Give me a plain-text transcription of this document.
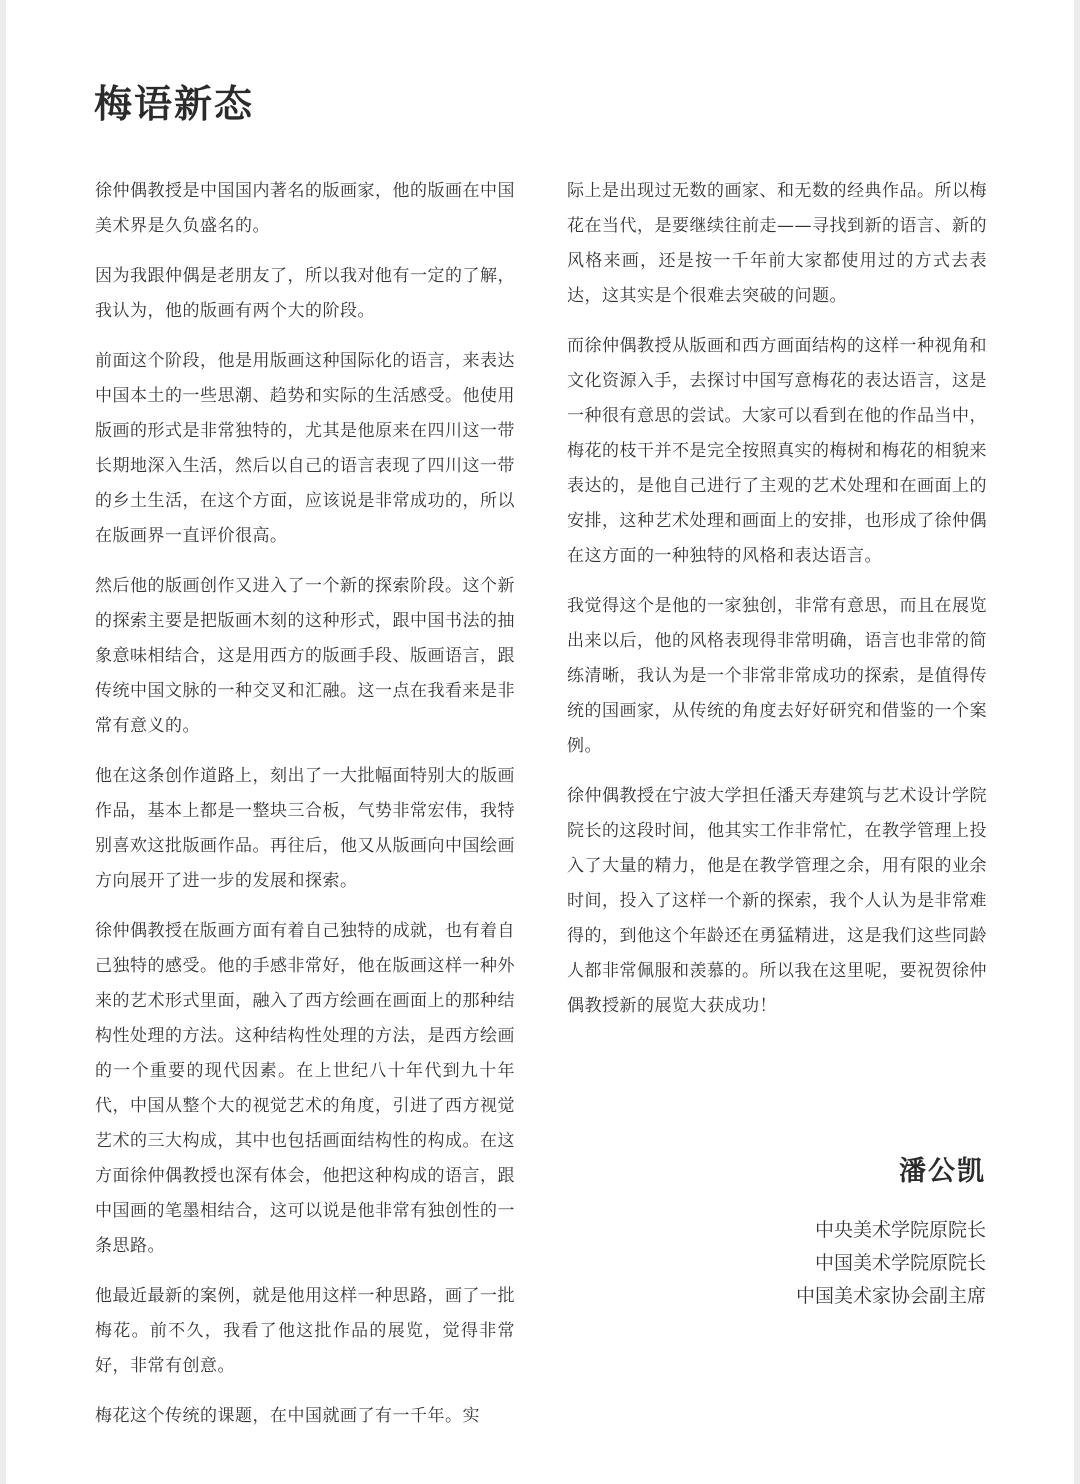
梅语新态

徐仲偶教授是中国国内著名的版画家，他的版画在中国美术界是久负盛名的。

因为我跟仲偶是老朋友了，所以我对他有一定的了解，我认为，他的版画有两个大的阶段。

前面这个阶段，他是用版画这种国际化的语言，来表达中国本土的一些思潮、趋势和实际的生活感受。他使用版画的形式是非常独特的，尤其是他原来在四川这一带长期地深入生活，然后以自己的语言表现了四川这一带的乡土生活，在这个方面，应该说是非常成功的，所以在版画界一直评价很高。

然后他的版画创作又进入了一个新的探索阶段。这个新的探索主要是把版画木刻的这种形式，跟中国书法的抽象意味相结合，这是用西方的版画手段、版画语言，跟传统中国文脉的一种交叉和汇融。这一点在我看来是非常有意义的。

他在这条创作道路上，刻出了一大批幅面特别大的版画作品，基本上都是一整块三合板，气势非常宏伟，我特别喜欢这批版画作品。再往后，他又从版画向中国绘画方向展开了进一步的发展和探索。

徐仲偶教授在版画方面有着自己独特的成就，也有着自己独特的感受。他的手感非常好，他在版画这样一种外来的艺术形式里面，融入了西方绘画在画面上的那种结构性处理的方法。这种结构性处理的方法，是西方绘画的一个重要的现代因素。在上世纪八十年代到九十年代，中国从整个大的视觉艺术的角度，引进了西方视觉艺术的三大构成，其中也包括画面结构性的构成。在这方面徐仲偶教授也深有体会，他把这种构成的语言，跟中国画的笔墨相结合，这可以说是他非常有独创性的一条思路。

他最近最新的案例，就是他用这样一种思路，画了一批梅花。前不久，我看了他这批作品的展览，觉得非常好，非常有创意。

梅花这个传统的课题，在中国就画了有一千年。实

际上是出现过无数的画家、和无数的经典作品。所以梅花在当代，是要继续往前走——寻找到新的语言、新的风格来画，还是按一千年前大家都使用过的方式去表达，这其实是个很难去突破的问题。

而徐仲偶教授从版画和西方画面结构的这样一种视角和文化资源入手，去探讨中国写意梅花的表达语言，这是一种很有意思的尝试。大家可以看到在他的作品当中，梅花的枝干并不是完全按照真实的梅树和梅花的相貌来表达的，是他自己进行了主观的艺术处理和在画面上的安排，这种艺术处理和画面上的安排，也形成了徐仲偶在这方面的一种独特的风格和表达语言。

我觉得这个是他的一家独创，非常有意思，而且在展览出来以后，他的风格表现得非常明确，语言也非常的简练清晰，我认为是一个非常非常成功的探索，是值得传统的国画家，从传统的角度去好好研究和借鉴的一个案例。

徐仲偶教授在宁波大学担任潘天寿建筑与艺术设计学院院长的这段时间，他其实工作非常忙，在教学管理上投入了大量的精力，他是在教学管理之余，用有限的业余时间，投入了这样一个新的探索，我个人认为是非常难得的，到他这个年龄还在勇猛精进，这是我们这些同龄人都非常佩服和羡慕的。所以我在这里呢，要祝贺徐仲偶教授新的展览大获成功！

潘公凯
中央美术学院原院长
中国美术学院原院长
中国美术家协会副主席
